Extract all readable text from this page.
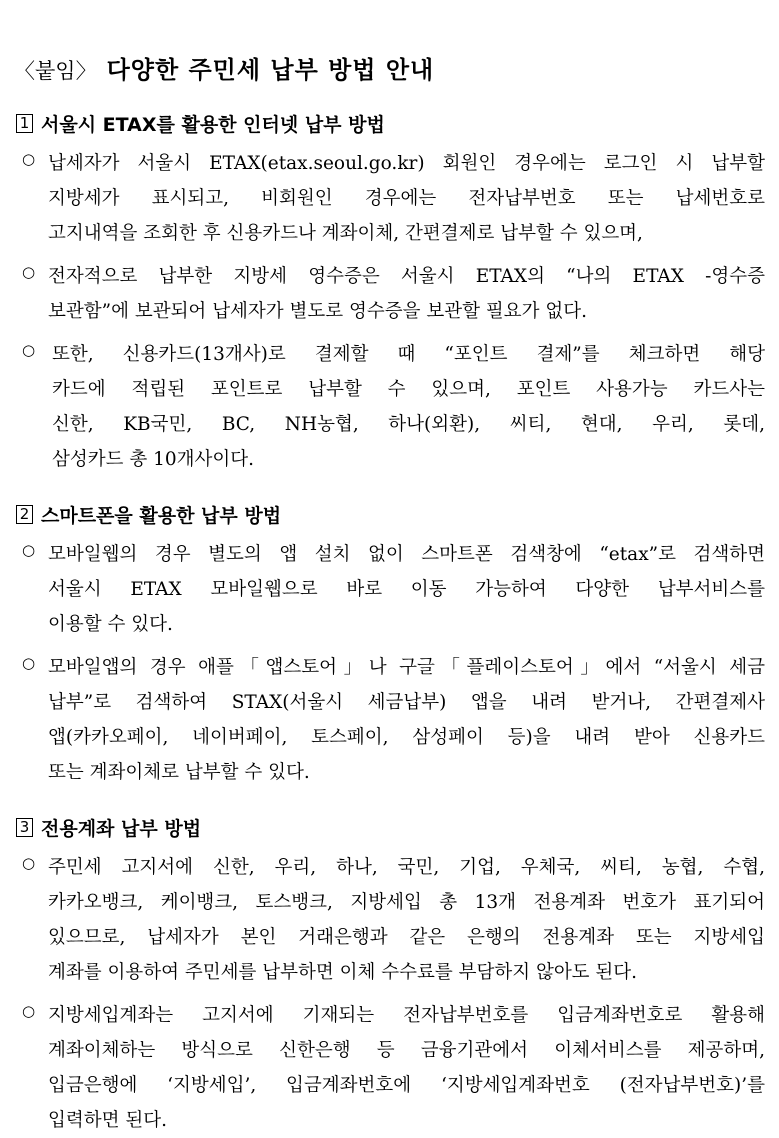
〈붙임〉 다양한 주민세 납부 방법 안내
1 서울시 ETAX를 활용한 인터넷 납부 방법
○ 납세자가 서울시 ETAX(etax.seoul.go.kr) 회원인 경우에는 로그인 시 납부할
지방세가 표시되고, 비회원인 경우에는 전자납부번호 또는 납세번호로
고지내역을 조회한 후 신용카드나 계좌이체, 간편결제로 납부할 수 있으며,
○ 전자적으로 납부한 지방세 영수증은 서울시 ETAX의 “나의 ETAX -영수증
보관함”에 보관되어 납세자가 별도로 영수증을 보관할 필요가 없다.
○ 또한, 신용카드(13개사)로 결제할 때 “포인트 결제”를 체크하면 해당
카드에 적립된 포인트로 납부할 수 있으며, 포인트 사용가능 카드사는
신한, KB국민, BC, NH농협, 하나(외환), 씨티, 현대, 우리, 롯데,
삼성카드 총 10개사이다.
2 스마트폰을 활용한 납부 방법
○ 모바일웹의 경우 별도의 앱 설치 없이 스마트폰 검색창에 “etax”로 검색하면
서울시 ETAX 모바일웹으로 바로 이동 가능하여 다양한 납부서비스를
이용할 수 있다.
○ 모바일앱의 경우 애플「앱스토어」나 구글「플레이스토어」에서 “서울시 세금
납부”로 검색하여 STAX(서울시 세금납부) 앱을 내려 받거나, 간편결제사
앱(카카오페이, 네이버페이, 토스페이, 삼성페이 등)을 내려 받아 신용카드
또는 계좌이체로 납부할 수 있다.
3 전용계좌 납부 방법
○ 주민세 고지서에 신한, 우리, 하나, 국민, 기업, 우체국, 씨티, 농협, 수협,
카카오뱅크, 케이뱅크, 토스뱅크, 지방세입 총 13개 전용계좌 번호가 표기되어
있으므로, 납세자가 본인 거래은행과 같은 은행의 전용계좌 또는 지방세입
계좌를 이용하여 주민세를 납부하면 이체 수수료를 부담하지 않아도 된다.
○ 지방세입계좌는 고지서에 기재되는 전자납부번호를 입금계좌번호로 활용해
계좌이체하는 방식으로 신한은행 등 금융기관에서 이체서비스를 제공하며,
입금은행에 ‘지방세입’, 입금계좌번호에 ‘지방세입계좌번호 (전자납부번호)’를
입력하면 된다.
